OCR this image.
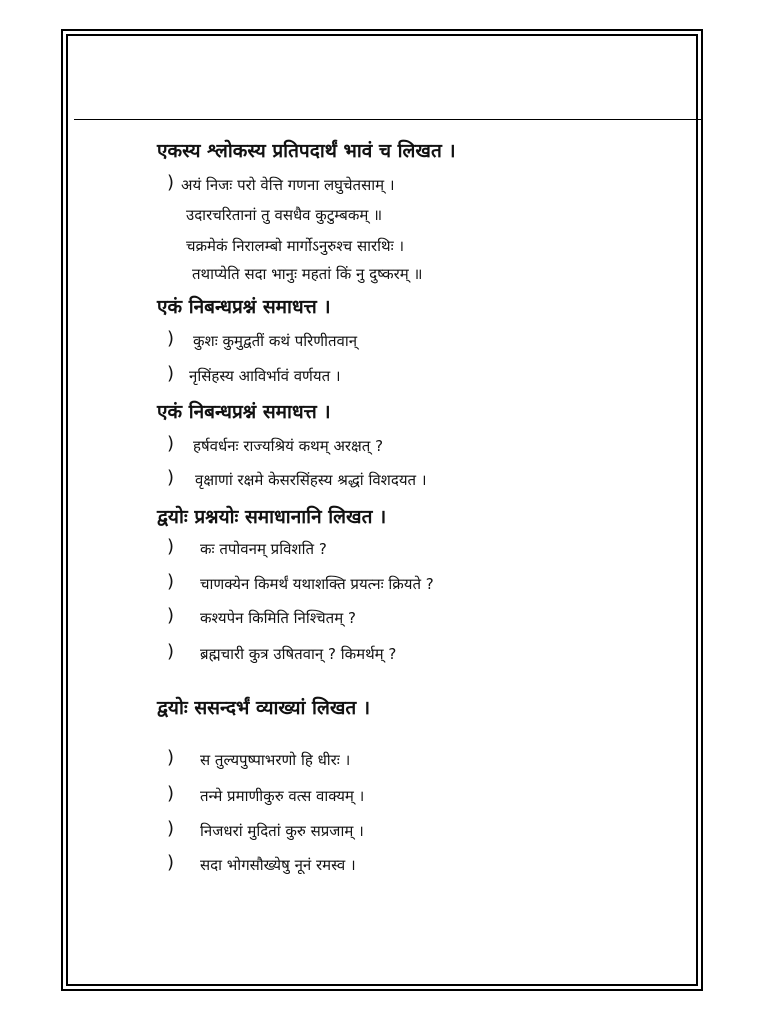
एकस्य श्लोकस्य प्रतिपदार्थं भावं च लिखत ।
) अयं निजः परो वेत्ति गणना लघुचेतसाम् ।
उदारचरितानां तु वसधैव कुटुम्बकम् ॥
चक्रमेकं निरालम्बो मार्गोऽनुरुश्च सारथिः ।
तथाप्येति सदा भानुः महतां किं नु दुष्करम् ॥
एकं निबन्धप्रश्नं समाधत्त ।
) कुशः कुमुद्वतीं कथं परिणीतवान्
) नृसिंहस्य आविर्भावं वर्णयत ।
एकं निबन्धप्रश्नं समाधत्त ।
) हर्षवर्धनः राज्यश्रियं कथम् अरक्षत् ?
) वृक्षाणां रक्षमे केसरसिंहस्य श्रद्धां विशदयत ।
द्वयोः प्रश्नयोः समाधानानि लिखत ।
) कः तपोवनम् प्रविशति ?
) चाणक्येन किमर्थं यथाशक्ति प्रयत्नः क्रियते ?
) कश्यपेन किमिति निश्चितम् ?
) ब्रह्मचारी कुत्र उषितवान् ? किमर्थम् ?
द्वयोः ससन्दर्भं व्याख्यां लिखत ।
) स तुल्यपुष्पाभरणो हि धीरः ।
) तन्मे प्रमाणीकुरु वत्स वाक्यम् ।
) निजधरां मुदितां कुरु सप्रजाम् ।
) सदा भोगसौख्येषु नूनं रमस्व ।
